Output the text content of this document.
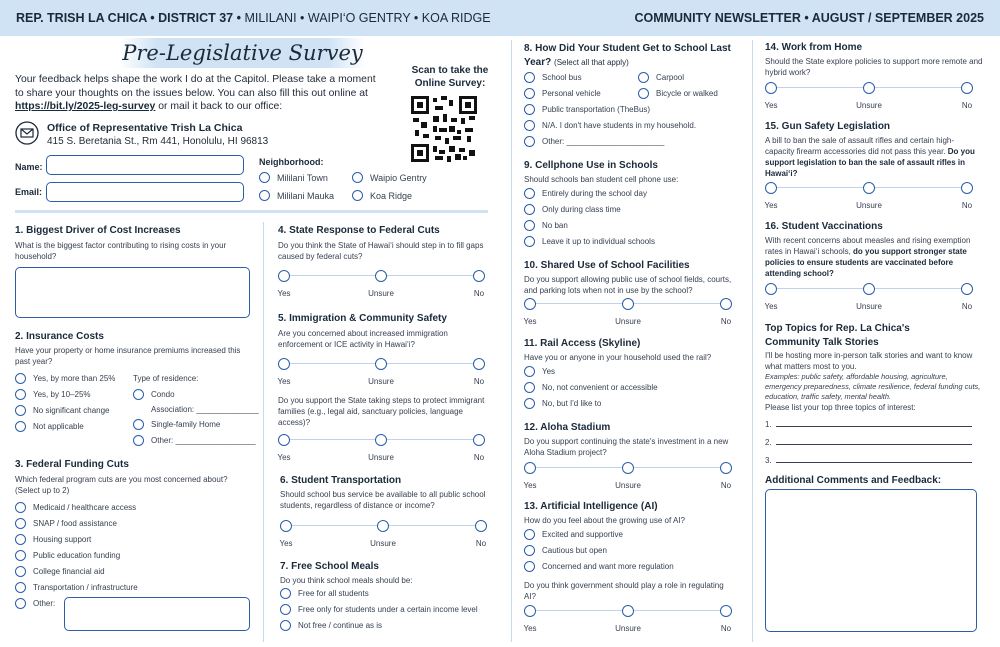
REP. TRISH LA CHICA • DISTRICT 37 • MILILANI • WAIPI‘O GENTRY • KOA RIDGE	COMMUNITY NEWSLETTER • AUGUST / SEPTEMBER 2025
Pre-Legislative Survey
Your feedback helps shape the work I do at the Capitol. Please take a moment to share your thoughts on the issues below. You can also fill this out online at https://bit.ly/2025-leg-survey or mail it back to our office:
Scan to take the Online Survey:
Office of Representative Trish La Chica
415 S. Beretania St., Rm 441, Honolulu, HI 96813
Name:
Email:
Neighborhood:
Mililani Town	Waipio Gentry
Mililani Mauka	Koa Ridge
1. Biggest Driver of Cost Increases
What is the biggest factor contributing to rising costs in your household?
2. Insurance Costs
Have your property or home insurance premiums increased this past year?
Yes, by more than 25%
Yes, by 10–25%
No significant change
Not applicable
Type of residence:
Condo
Association: ______________
Single-family Home
Other: __________________
3. Federal Funding Cuts
Which federal program cuts are you most concerned about? (Select up to 2)
Medicaid / healthcare access
SNAP / food assistance
Housing support
Public education funding
College financial aid
Transportation / infrastructure
Other:
4. State Response to Federal Cuts
Do you think the State of Hawai‘i should step in to fill gaps caused by federal cuts?
Yes	Unsure	No
5. Immigration & Community Safety
Are you concerned about increased immigration enforcement or ICE activity in Hawai‘i?
Yes	Unsure	No
Do you support the State taking steps to protect immigrant families (e.g., legal aid, sanctuary policies, language access)?
Yes	Unsure	No
6. Student Transportation
Should school bus service be available to all public school students, regardless of distance or income?
Yes	Unsure	No
7. Free School Meals
Do you think school meals should be:
Free for all students
Free only for students under a certain income level
Not free / continue as is
8. How Did Your Student Get to School Last Year? (Select all that apply)
School bus	Carpool
Personal vehicle	Bicycle or walked
Public transportation (TheBus)
N/A. I don't have students in my household.
Other: ______________________
9. Cellphone Use in Schools
Should schools ban student cell phone use:
Entirely during the school day
Only during class time
No ban
Leave it up to individual schools
10. Shared Use of School Facilities
Do you support allowing public use of school fields, courts, and parking lots when not in use by the school?
Yes	Unsure	No
11. Rail Access (Skyline)
Have you or anyone in your household used the rail?
Yes
No, not convenient or accessible
No, but I'd like to
12. Aloha Stadium
Do you support continuing the state's investment in a new Aloha Stadium project?
Yes	Unsure	No
13. Artificial Intelligence (AI)
How do you feel about the growing use of AI?
Excited and supportive
Cautious but open
Concerned and want more regulation
Do you think government should play a role in regulating AI?
Yes	Unsure	No
14. Work from Home
Should the State explore policies to support more remote and hybrid work?
Yes	Unsure	No
15. Gun Safety Legislation
A bill to ban the sale of assault rifles and certain high-capacity firearm accessories did not pass this year. Do you support legislation to ban the sale of assault rifles in Hawai‘i?
Yes	Unsure	No
16. Student Vaccinations
With recent concerns about measles and rising exemption rates in Hawai‘i schools, do you support stronger state policies to ensure students are vaccinated before attending school?
Yes	Unsure	No
Top Topics for Rep. La Chica's
Community Talk Stories
I'll be hosting more in-person talk stories and want to know what matters most to you.
Examples: public safety, affordable housing, agriculture, emergency preparedness, climate resilience, federal funding cuts, education, traffic safety, mental health.
Please list your top three topics of interest:
1.
2.
3.
Additional Comments and Feedback:
